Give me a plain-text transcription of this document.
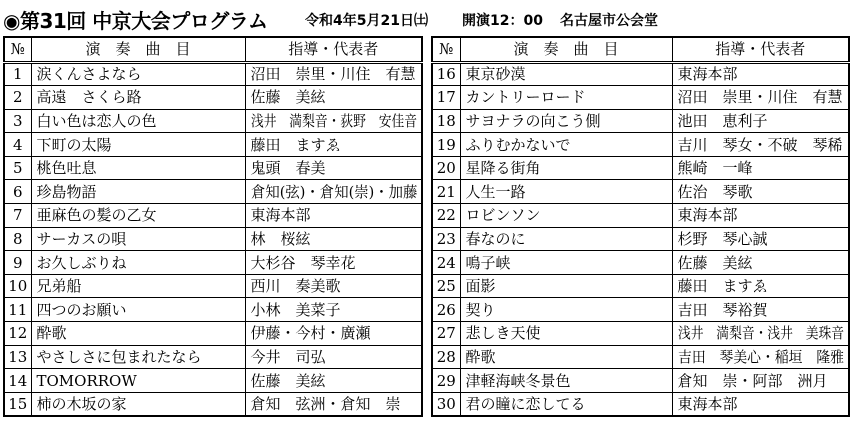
◉第31回 中京大会プログラム	令和4年5月21日㈯ 開演12：00 名古屋市公会堂
№	演　奏　曲　目	指導・代表者
1	涙くんさよなら	沼田　崇里・川住　有慧
2	高遠　さくら路	佐藤　美絃
3	白い色は恋人の色	浅井　満梨音・荻野　安佳音
4	下町の太陽	藤田　ますゑ
5	桃色吐息	鬼頭　春美
6	珍島物語	倉知(弦)・倉知(崇)・加藤
7	亜麻色の髪の乙女	東海本部
8	サーカスの唄	林　桜絃
9	お久しぶりね	大杉谷　琴幸花
10	兄弟船	西川　奏美歌
11	四つのお願い	小林　美菜子
12	酔歌	伊藤・今村・廣瀬
13	やさしさに包まれたなら	今井　司弘
14	TOMORROW	佐藤　美絃
15	柿の木坂の家	倉知　弦洲・倉知　崇
№	演　奏　曲　目	指導・代表者
16	東京砂漠	東海本部
17	カントリーロード	沼田　崇里・川住　有慧
18	サヨナラの向こう側	池田　恵利子
19	ふりむかないで	吉川　琴女・不破　琴稀
20	星降る街角	熊崎　一峰
21	人生一路	佐治　琴歌
22	ロビンソン	東海本部
23	春なのに	杉野　琴心誠
24	鳴子峡	佐藤　美絃
25	面影	藤田　ますゑ
26	契り	吉田　琴裕賀
27	悲しき天使	浅井　満梨音・浅井　美珠音
28	酔歌	吉田　琴美心・稲垣　隆雅
29	津軽海峡冬景色	倉知　崇・阿部　洲月
30	君の瞳に恋してる	東海本部
